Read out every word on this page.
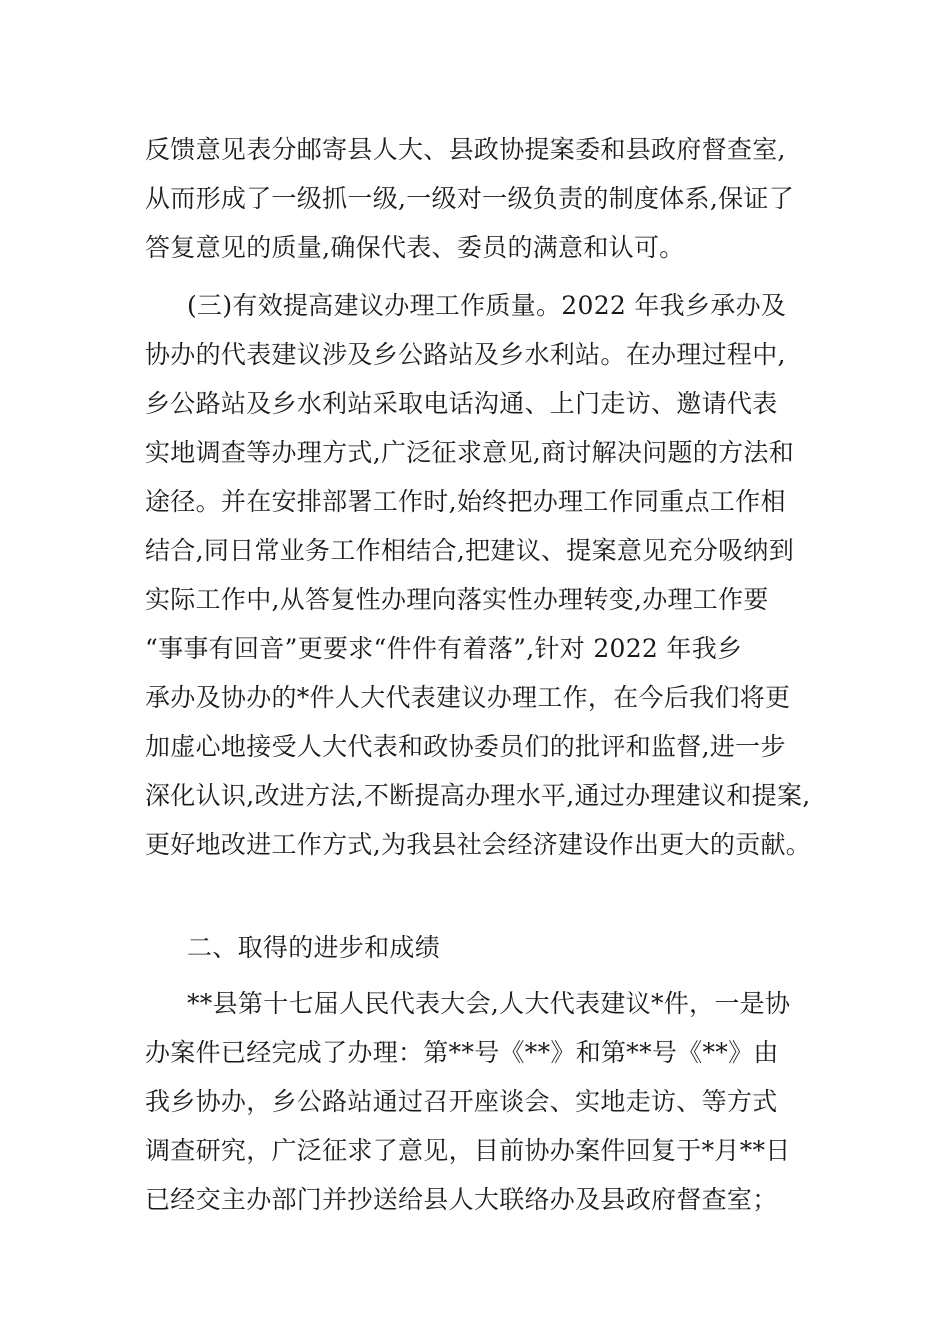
反馈意见表分邮寄县人大、县政协提案委和县政府督查室,
从而形成了一级抓一级,一级对一级负责的制度体系,保证了
答复意见的质量,确保代表、委员的满意和认可。
(三)有效提高建议办理工作质量。2022 年我乡承办及
协办的代表建议涉及乡公路站及乡水利站。在办理过程中,
乡公路站及乡水利站采取电话沟通、上门走访、邀请代表
实地调查等办理方式,广泛征求意见,商讨解决问题的方法和
途径。并在安排部署工作时,始终把办理工作同重点工作相
结合,同日常业务工作相结合,把建议、提案意见充分吸纳到
实际工作中,从答复性办理向落实性办理转变,办理工作要
“事事有回音”更要求“件件有着落”,针对 2022 年我乡
承办及协办的*件人大代表建议办理工作，在今后我们将更
加虚心地接受人大代表和政协委员们的批评和监督,进一步
深化认识,改进方法,不断提高办理水平,通过办理建议和提案,
更好地改进工作方式,为我县社会经济建设作出更大的贡献。
二、取得的进步和成绩
**县第十七届人民代表大会,人大代表建议*件，一是协
办案件已经完成了办理：第**号《**》和第**号《**》由
我乡协办，乡公路站通过召开座谈会、实地走访、等方式
调查研究，广泛征求了意见，目前协办案件回复于*月**日
已经交主办部门并抄送给县人大联络办及县政府督查室；
